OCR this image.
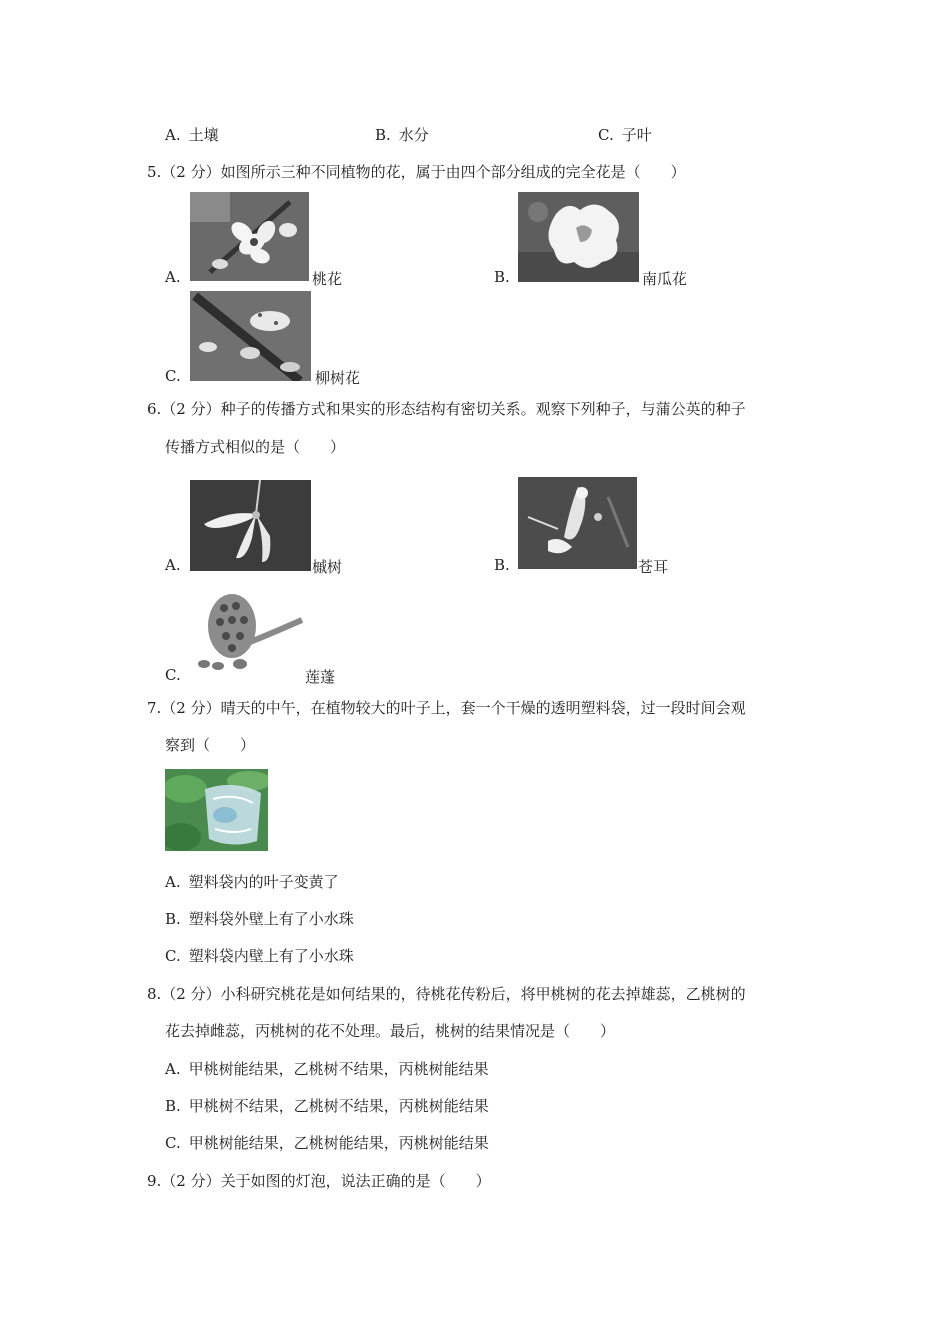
A. 土壤	B. 水分	C. 子叶
5.（2 分）如图所示三种不同植物的花，属于由四个部分组成的完全花是（　　）
A.	桃花	B.	南瓜花
C.	柳树花
6.（2 分）种子的传播方式和果实的形态结构有密切关系。观察下列种子，与蒲公英的种子
传播方式相似的是（　　）
A.	槭树	B.	苍耳
C.	莲蓬
7.（2 分）晴天的中午，在植物较大的叶子上，套一个干燥的透明塑料袋，过一段时间会观
察到（　　）
A. 塑料袋内的叶子变黄了
B. 塑料袋外壁上有了小水珠
C. 塑料袋内壁上有了小水珠
8.（2 分）小科研究桃花是如何结果的，待桃花传粉后，将甲桃树的花去掉雄蕊，乙桃树的
花去掉雌蕊，丙桃树的花不处理。最后，桃树的结果情况是（　　）
A. 甲桃树能结果，乙桃树不结果，丙桃树能结果
B. 甲桃树不结果，乙桃树不结果，丙桃树能结果
C. 甲桃树能结果，乙桃树能结果，丙桃树能结果
9.（2 分）关于如图的灯泡，说法正确的是（　　）
